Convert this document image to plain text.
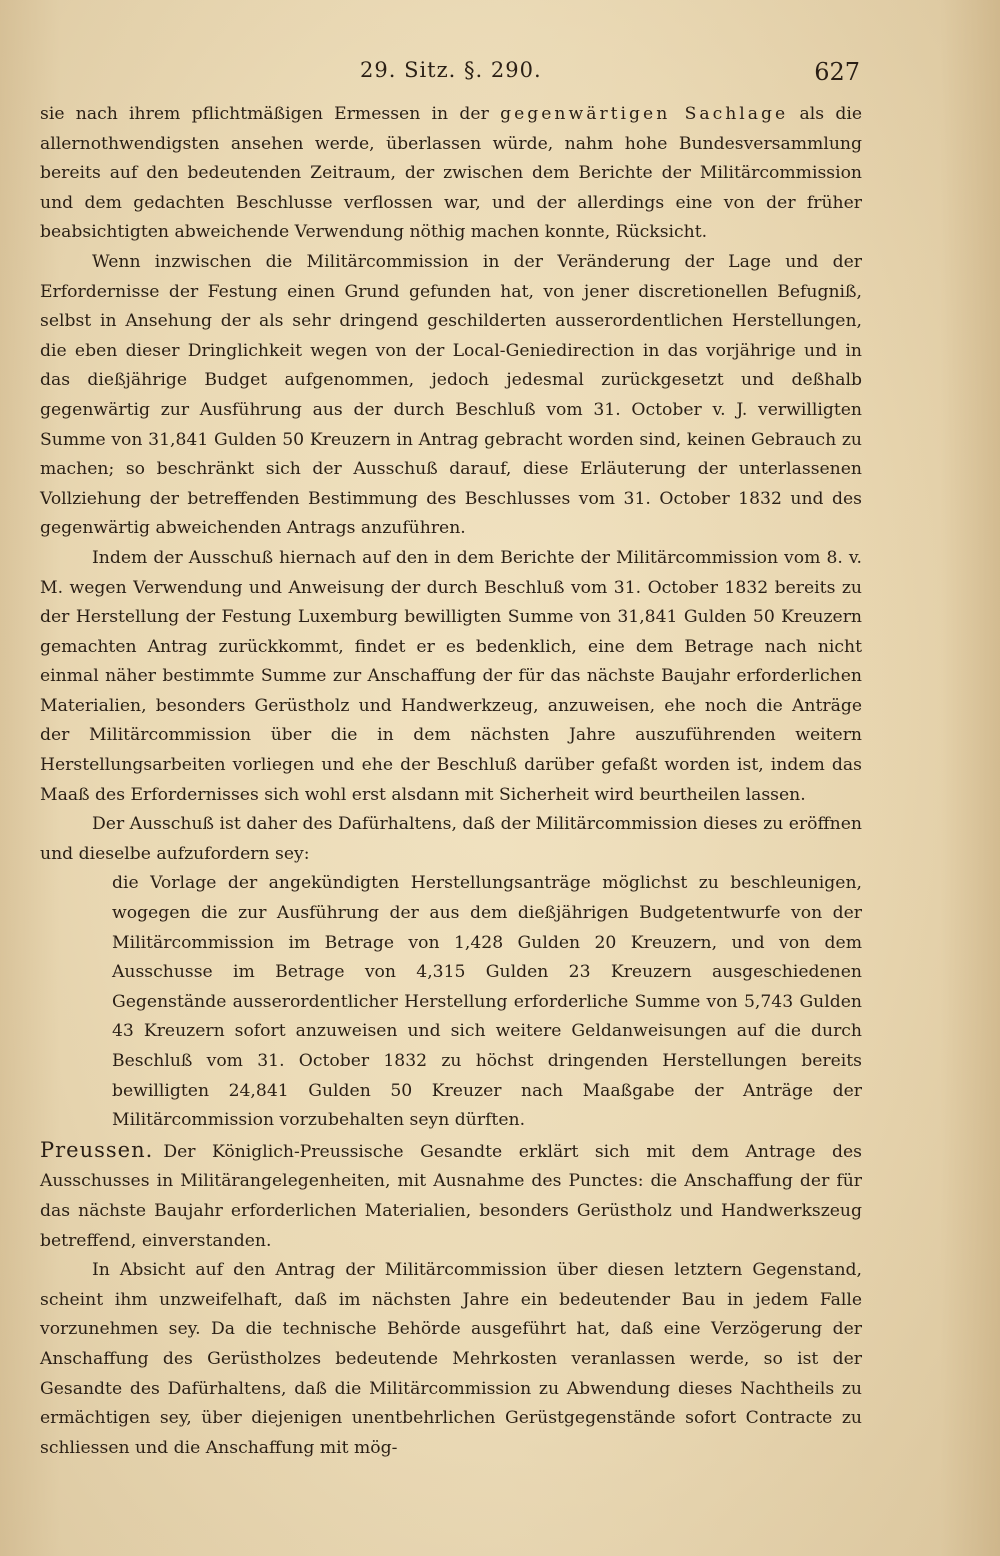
29. Sitz. §. 290.	627

sie nach ihrem pflichtmäßigen Ermessen in der gegenwärtigen Sachlage als die allernothwendigsten ansehen werde, überlassen würde, nahm hohe Bundesversammlung bereits auf den bedeutenden Zeitraum, der zwischen dem Berichte der Militärcommission und dem gedachten Beschlusse verflossen war, und der allerdings eine von der früher beabsichtigten abweichende Verwendung nöthig machen konnte, Rücksicht.

Wenn inzwischen die Militärcommission in der Veränderung der Lage und der Erfordernisse der Festung einen Grund gefunden hat, von jener discretionellen Befugniß, selbst in Ansehung der als sehr dringend geschilderten ausserordentlichen Herstellungen, die eben dieser Dringlichkeit wegen von der Local-Geniedirection in das vorjährige und in das dießjährige Budget aufgenommen, jedoch jedesmal zurückgesetzt und deßhalb gegenwärtig zur Ausführung aus der durch Beschluß vom 31. October v. J. verwilligten Summe von 31,841 Gulden 50 Kreuzern in Antrag gebracht worden sind, keinen Gebrauch zu machen; so beschränkt sich der Ausschuß darauf, diese Erläuterung der unterlassenen Vollziehung der betreffenden Bestimmung des Beschlusses vom 31. October 1832 und des gegenwärtig abweichenden Antrags anzuführen.

Indem der Ausschuß hiernach auf den in dem Berichte der Militärcommission vom 8. v. M. wegen Verwendung und Anweisung der durch Beschluß vom 31. October 1832 bereits zu der Herstellung der Festung Luxemburg bewilligten Summe von 31,841 Gulden 50 Kreuzern gemachten Antrag zurückkommt, findet er es bedenklich, eine dem Betrage nach nicht einmal näher bestimmte Summe zur Anschaffung der für das nächste Baujahr erforderlichen Materialien, besonders Gerüstholz und Handwerkzeug, anzuweisen, ehe noch die Anträge der Militärcommission über die in dem nächsten Jahre auszuführenden weitern Herstellungsarbeiten vorliegen und ehe der Beschluß darüber gefaßt worden ist, indem das Maaß des Erfordernisses sich wohl erst alsdann mit Sicherheit wird beurtheilen lassen.

Der Ausschuß ist daher des Dafürhaltens, daß der Militärcommission dieses zu eröffnen und dieselbe aufzufordern sey:

die Vorlage der angekündigten Herstellungsanträge möglichst zu beschleunigen, wogegen die zur Ausführung der aus dem dießjährigen Budgetentwurfe von der Militärcommission im Betrage von 1,428 Gulden 20 Kreuzern, und von dem Ausschusse im Betrage von 4,315 Gulden 23 Kreuzern ausgeschiedenen Gegenstände ausserordentlicher Herstellung erforderliche Summe von 5,743 Gulden 43 Kreuzern sofort anzuweisen und sich weitere Geldanweisungen auf die durch Beschluß vom 31. October 1832 zu höchst dringenden Herstellungen bereits bewilligten 24,841 Gulden 50 Kreuzer nach Maaßgabe der Anträge der Militärcommission vorzubehalten seyn dürften.

Preussen. Der Königlich-Preussische Gesandte erklärt sich mit dem Antrage des Ausschusses in Militärangelegenheiten, mit Ausnahme des Punctes: die Anschaffung der für das nächste Baujahr erforderlichen Materialien, besonders Gerüstholz und Handwerkszeug betreffend, einverstanden.

In Absicht auf den Antrag der Militärcommission über diesen letztern Gegenstand, scheint ihm unzweifelhaft, daß im nächsten Jahre ein bedeutender Bau in jedem Falle vorzunehmen sey. Da die technische Behörde ausgeführt hat, daß eine Verzögerung der Anschaffung des Gerüstholzes bedeutende Mehrkosten veranlassen werde, so ist der Gesandte des Dafürhaltens, daß die Militärcommission zu Abwendung dieses Nachtheils zu ermächtigen sey, über diejenigen unentbehrlichen Gerüstgegenstände sofort Contracte zu schliessen und die Anschaffung mit mög-
